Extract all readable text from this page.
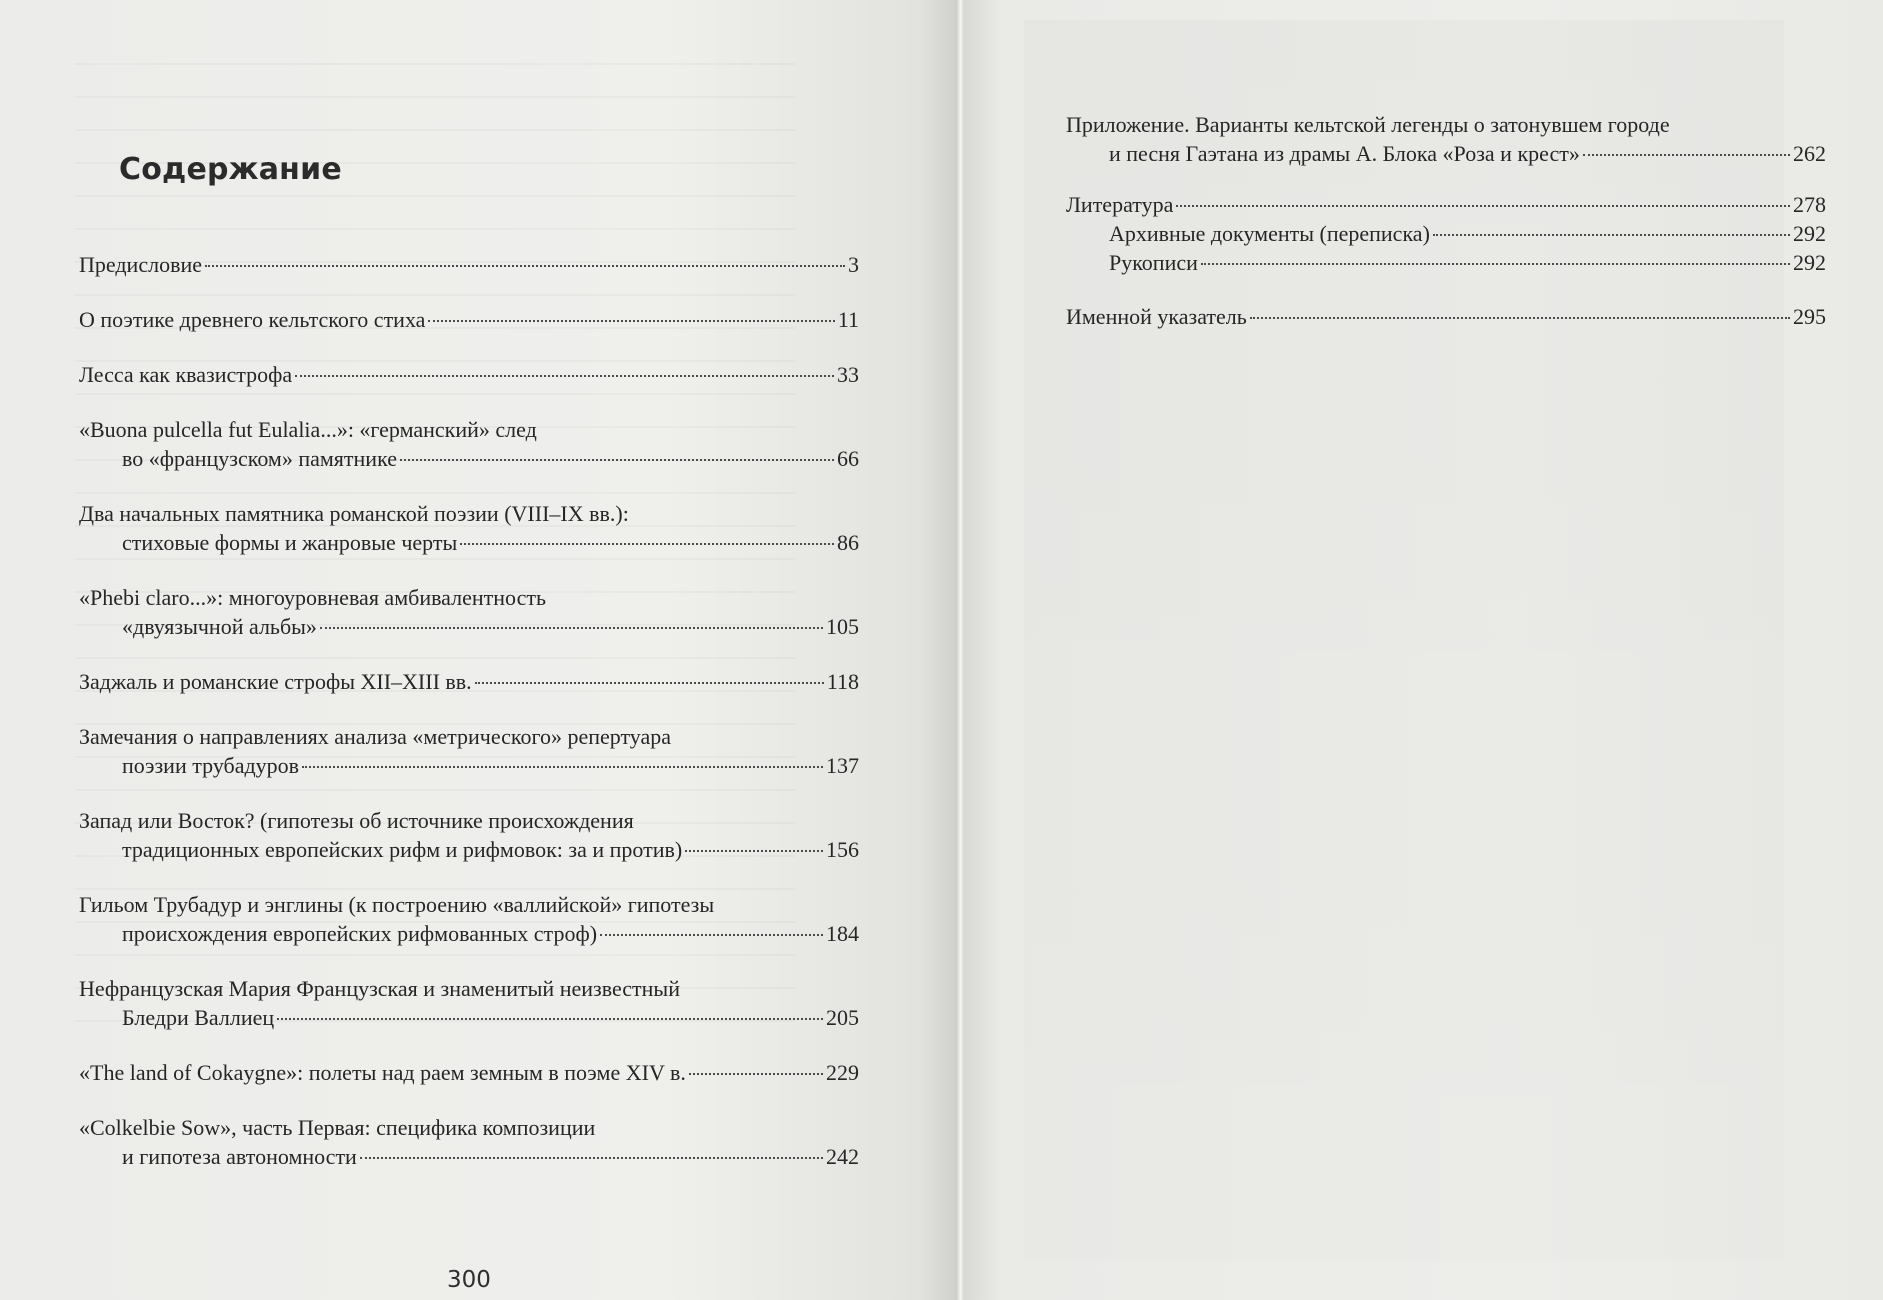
Содержание
Предисловие	3
О поэтике древнего кельтского стиха	11
Лесса как квазистрофа	33
«Buona pulcella fut Eulalia...»: «германский» след
во «французском» памятнике	66
Два начальных памятника романской поэзии (VIII–IX вв.):
стиховые формы и жанровые черты	86
«Phebi claro...»: многоуровневая амбивалентность
«двуязычной альбы»	105
Заджаль и романские строфы XII–XIII вв.	118
Замечания о направлениях анализа «метрического» репертуара
поэзии трубадуров	137
Запад или Восток? (гипотезы об источнике происхождения
традиционных европейских рифм и рифмовок: за и против)	156
Гильом Трубадур и энглины (к построению «валлийской» гипотезы
происхождения европейских рифмованных строф)	184
Нефранцузская Мария Французская и знаменитый неизвестный
Бледри Валлиец	205
«The land of Cokaygne»: полеты над раем земным в поэме XIV в.	229
«Colkelbie Sow», часть Первая: специфика композиции
и гипотеза автономности	242
300
Приложение. Варианты кельтской легенды о затонувшем городе
и песня Гаэтана из драмы А. Блока «Роза и крест»	262
Литература	278
Архивные документы (переписка)	292
Рукописи	292
Именной указатель	295
